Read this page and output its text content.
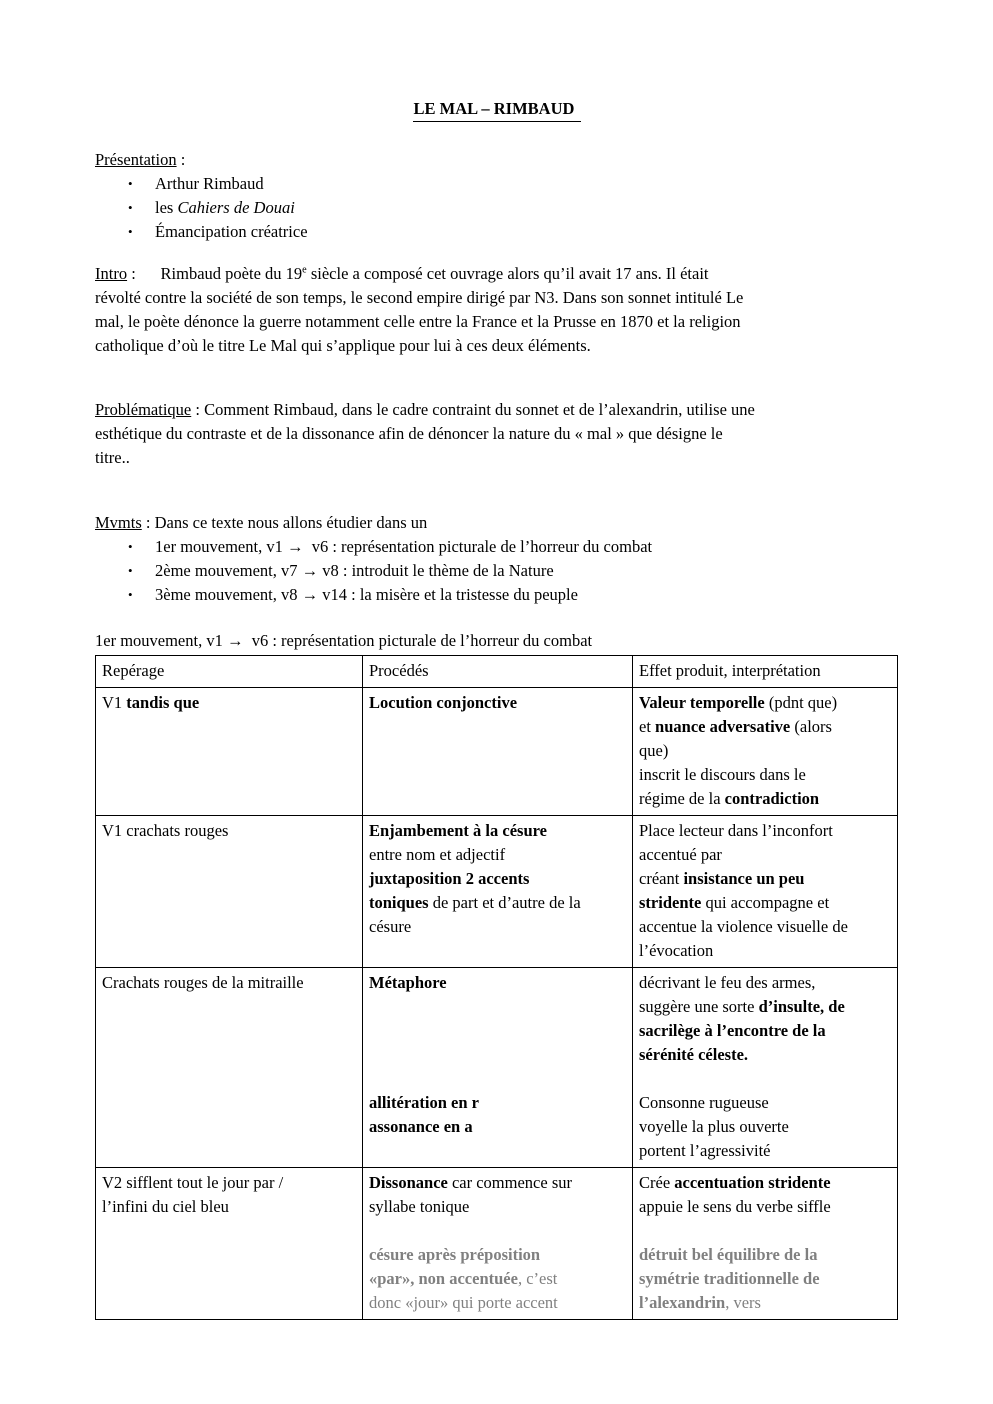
LE MAL – RIMBAUD
Présentation :
•	Arthur Rimbaud
•	les Cahiers de Douai
•	Émancipation créatrice
Intro :      Rimbaud poète du 19e siècle a composé cet ouvrage alors qu’il avait 17 ans. Il était
révolté contre la société de son temps, le second empire dirigé par N3. Dans son sonnet intitulé Le
mal, le poète dénonce la guerre notamment celle entre la France et la Prusse en 1870 et la religion
catholique d’où le titre Le Mal qui s’applique pour lui à ces deux éléments.
Problématique : Comment Rimbaud, dans le cadre contraint du sonnet et de l’alexandrin, utilise une
esthétique du contraste et de la dissonance afin de dénoncer la nature du « mal » que désigne le
titre..
Mvmts : Dans ce texte nous allons étudier dans un
•	1er mouvement, v1 →  v6 : représentation picturale de l’horreur du combat
•	2ème mouvement, v7 → v8 : introduit le thème de la Nature
•	3ème mouvement, v8 → v14 : la misère et la tristesse du peuple
1er mouvement, v1 →  v6 : représentation picturale de l’horreur du combat
Repérage	Procédés	Effet produit, interprétation
V1 tandis que	Locution conjonctive	Valeur temporelle (pdnt que)
et nuance adversative (alors
que)
inscrit le discours dans le
régime de la contradiction
V1 crachats rouges	Enjambement à la césure
entre nom et adjectif
juxtaposition 2 accents
toniques de part et d’autre de la
césure	Place lecteur dans l’inconfort
accentué par
créant insistance un peu
stridente qui accompagne et
accentue la violence visuelle de
l’évocation
Crachats rouges de la mitraille	Métaphore

allitération en r
assonance en a	décrivant le feu des armes,
suggère une sorte d’insulte, de
sacrilège à l’encontre de la
sérénité céleste.

Consonne rugueuse
voyelle la plus ouverte
portent l’agressivité
V2 sifflent tout le jour par /
l’infini du ciel bleu	Dissonance car commence sur
syllabe tonique

césure après préposition
«par», non accentuée, c’est
donc «jour» qui porte accent	Crée accentuation stridente
appuie le sens du verbe siffle

détruit bel équilibre de la
symétrie traditionnelle de
l’alexandrin, vers
